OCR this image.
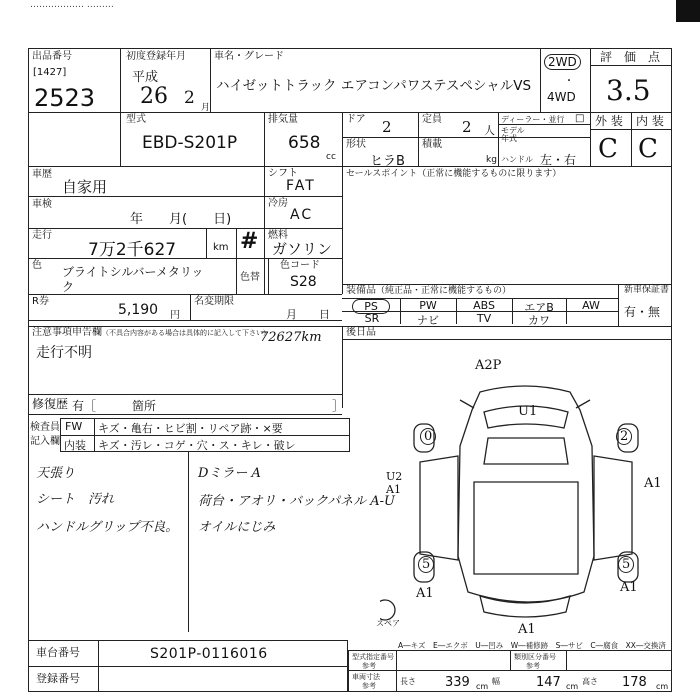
……………… ………
出品番号
[1427]
2523
初度登録年月
平成
26 2 月
車名・グレード
ハイゼットトラック エアコンパワステスペシャルVS
2WD
・
4WD
評　価　点
3.5
型式
EBD-S201P
排気量
658
cc
ドア 2	定員 2 人
ディーラー・並行 □
形状
ヒラB
積載
kg
モデル年式
ハンドル 左・右
外 装 内 装
C C
車歴
自家用
車検
年　　月(　　日)
走行
7万2千627	km #
シフト
FAT
冷房
AC
燃料
ガソリン
色 ブライトシルバーメタリッ
ク
色替
色コード
S28
R券
5,190 円
名変期限
月　　日
セールスポイント（正常に機能するものに限ります）
装備品（純正品・正常に機能するもの）	新車保証書
有・無
PS	PW	ABS	エアB	AW
SR	ナビ	TV	カワ
注意事項申告欄（不具合内容がある場合は具体的に記入して下さい）
72627km
走行不明
後日品
修復歴 有［　　　箇所	］
検査員
記入欄
FW キズ・亀右・ヒビ割・リペア跡・×要
内装 キズ・汚レ・コゲ・穴・ス・キレ・破レ
天張り
シート　汚れ
ハンドルグリップ不良。
Dミラー A
荷台・アオリ・バックパネル A-U
オイルにじみ
A2P
U1
U2 A1	A1
0	2
5	5
A1	A1
A1
スペア
A―キズ　E―エクボ　U―凹み　W―補修跡　S―サビ　C―腐食　XX―交換済
車台番号	S201P-0116016
登録番号
型式指定番号
参考
類別区分番号
参考
車両寸法
参考	長さ 339 cm
幅	147 cm
高さ 178 cm
